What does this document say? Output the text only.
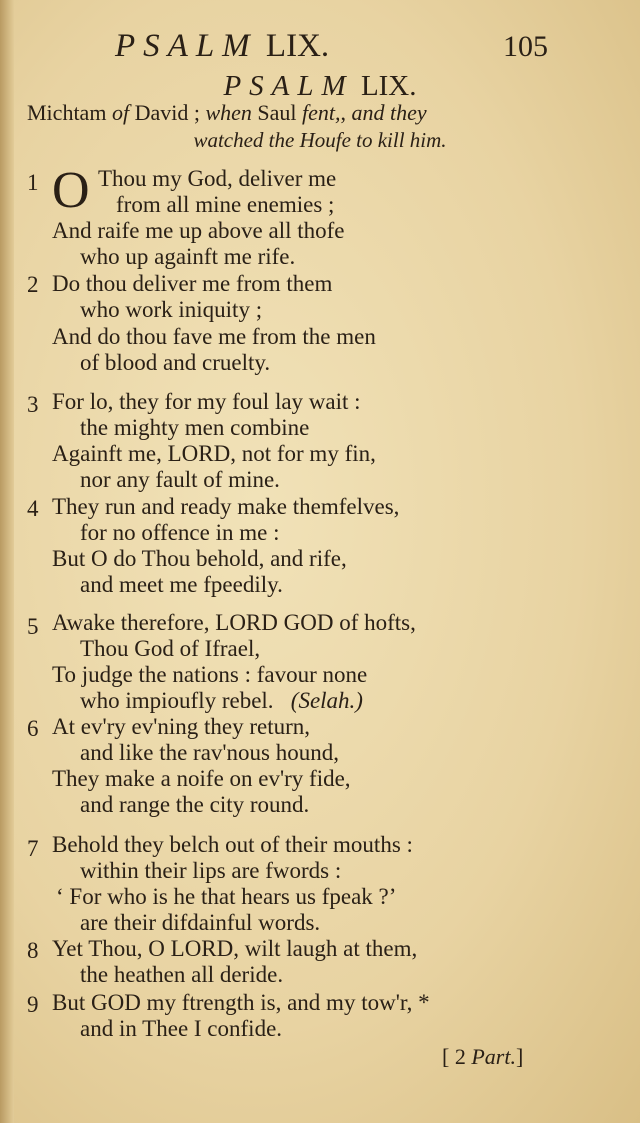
PSALM LIX.	105
PSALM LIX.
Michtam of David ; when Saul fent,, and they
watched the Houfe to kill him.
1 O Thou my God, deliver me
from all mine enemies ;
And raife me up above all thofe
who up againft me rife.
2 Do thou deliver me from them
who work iniquity ;
And do thou fave me from the men
of blood and cruelty.
3 For lo, they for my foul lay wait :
the mighty men combine
Againft me, LORD, not for my fin,
nor any fault of mine.
4 They run and ready make themfelves,
for no offence in me :
But O do Thou behold, and rife,
and meet me fpeedily.
5 Awake therefore, LORD GOD of hofts,
Thou God of Ifrael,
To judge the nations : favour none
who impioufly rebel. (Selah.)
6 At ev'ry ev'ning they return,
and like the rav'nous hound,
They make a noife on ev'ry fide,
and range the city round.
7 Behold they belch out of their mouths :
within their lips are fwords :
‘ For who is he that hears us fpeak ?’
are their difdainful words.
8 Yet Thou, O LORD, wilt laugh at them,
the heathen all deride.
9 But GOD my ftrength is, and my tow'r, *
and in Thee I confide.
[ 2 Part.]
